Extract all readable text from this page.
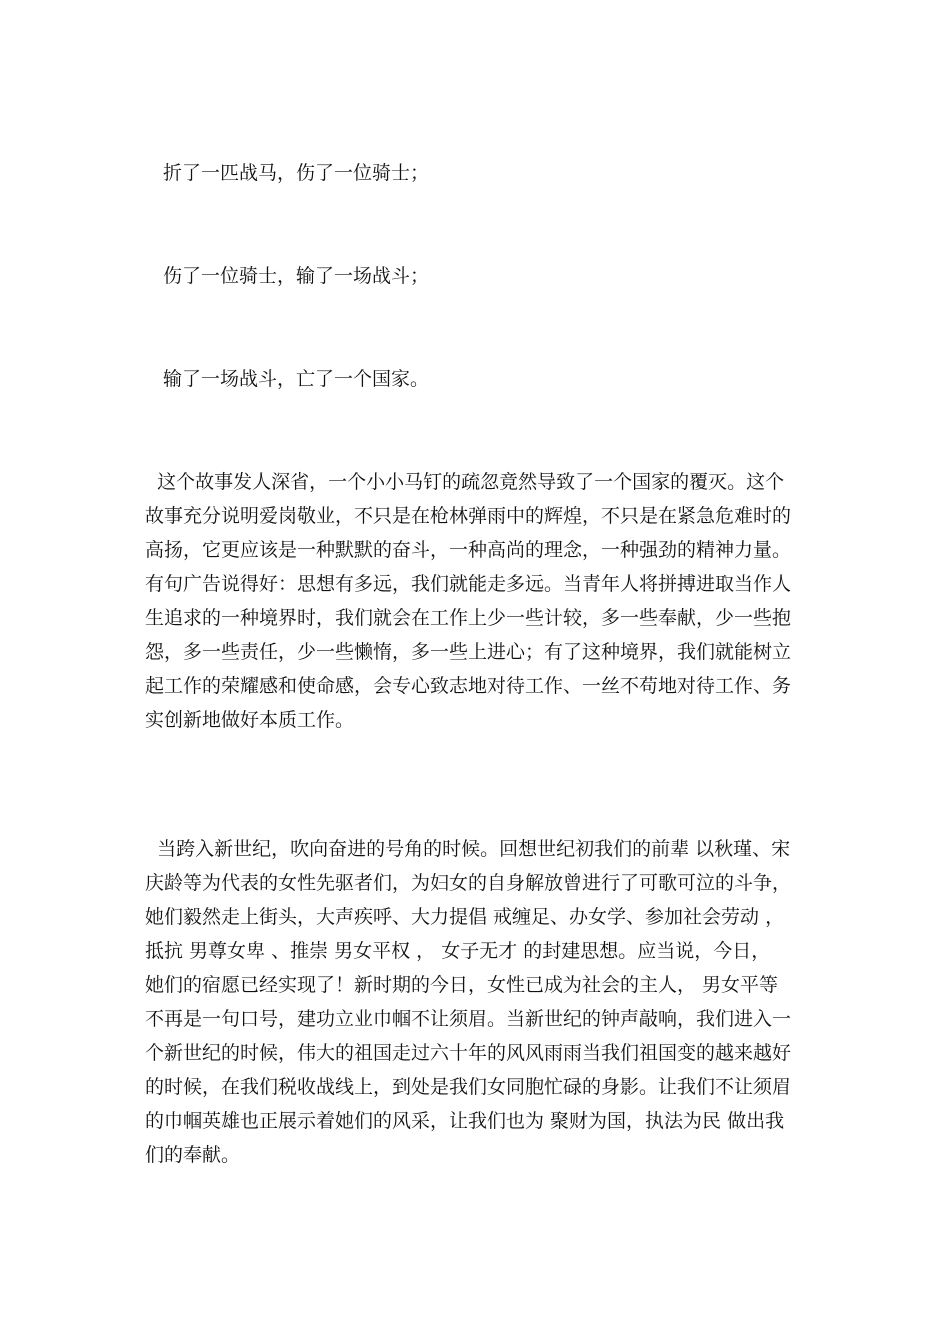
折了一匹战马，伤了一位骑士；
伤了一位骑士，输了一场战斗；
输了一场战斗，亡了一个国家。
这个故事发人深省，一个小小马钉的疏忽竟然导致了一个国家的覆灭。这个
故事充分说明爱岗敬业，不只是在枪林弹雨中的辉煌，不只是在紧急危难时的
高扬，它更应该是一种默默的奋斗，一种高尚的理念，一种强劲的精神力量。
有句广告说得好：思想有多远，我们就能走多远。当青年人将拼搏进取当作人
生追求的一种境界时，我们就会在工作上少一些计较，多一些奉献，少一些抱
怨，多一些责任，少一些懒惰，多一些上进心；有了这种境界，我们就能树立
起工作的荣耀感和使命感，会专心致志地对待工作、一丝不苟地对待工作、务
实创新地做好本质工作。
当跨入新世纪，吹向奋进的号角的时候。回想世纪初我们的前辈 以秋瑾、宋
庆龄等为代表的女性先驱者们，为妇女的自身解放曾进行了可歌可泣的斗争，
她们毅然走上街头，大声疾呼、大力提倡 戒缠足、办女学、参加社会劳动 ，
抵抗 男尊女卑 、推崇 男女平权 ， 女子无才 的封建思想。应当说，今日，
她们的宿愿已经实现了！新时期的今日，女性已成为社会的主人， 男女平等
不再是一句口号，建功立业巾帼不让须眉。当新世纪的钟声敲响，我们进入一
个新世纪的时候，伟大的祖国走过六十年的风风雨雨当我们祖国变的越来越好
的时候，在我们税收战线上，到处是我们女同胞忙碌的身影。让我们不让须眉
的巾帼英雄也正展示着她们的风采，让我们也为 聚财为国，执法为民 做出我
们的奉献。
